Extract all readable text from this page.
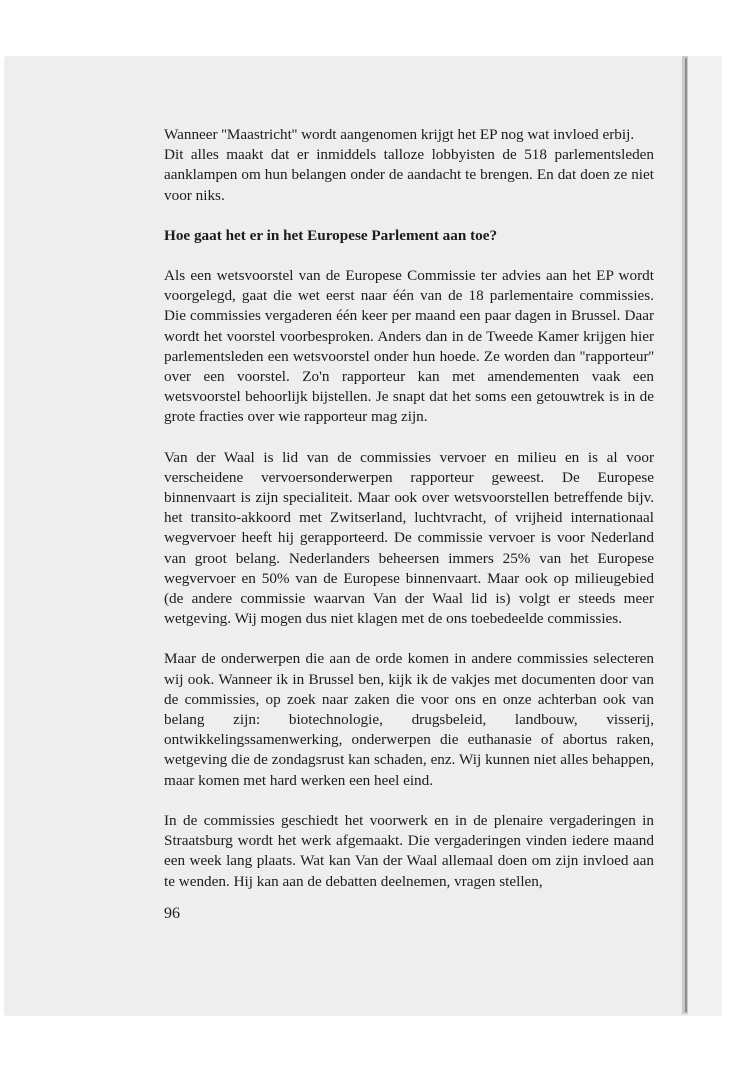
Wanneer ''Maastricht'' wordt aangenomen krijgt het EP nog wat invloed erbij.

Dit alles maakt dat er inmiddels talloze lobbyisten de 518 parlementsleden aanklampen om hun belangen onder de aandacht te brengen. En dat doen ze niet voor niks.

Hoe gaat het er in het Europese Parlement aan toe?

Als een wetsvoorstel van de Europese Commissie ter advies aan het EP wordt voorgelegd, gaat die wet eerst naar één van de 18 parlementaire commissies. Die commissies vergaderen één keer per maand een paar dagen in Brussel. Daar wordt het voorstel voorbesproken. Anders dan in de Tweede Kamer krijgen hier parlementsleden een wetsvoorstel onder hun hoede. Ze worden dan ''rapporteur'' over een voorstel. Zo'n rapporteur kan met amendementen vaak een wetsvoorstel behoorlijk bijstellen. Je snapt dat het soms een getouwtrek is in de grote fracties over wie rapporteur mag zijn.

Van der Waal is lid van de commissies vervoer en milieu en is al voor verscheidene vervoersonderwerpen rapporteur geweest. De Europese binnenvaart is zijn specialiteit. Maar ook over wetsvoorstellen betreffende bijv. het transito-akkoord met Zwitserland, luchtvracht, of vrijheid internationaal wegvervoer heeft hij gerapporteerd. De commissie vervoer is voor Nederland van groot belang. Nederlanders beheersen immers 25% van het Europese wegvervoer en 50% van de Europese binnenvaart. Maar ook op milieugebied (de andere commissie waarvan Van der Waal lid is) volgt er steeds meer wetgeving. Wij mogen dus niet klagen met de ons toebedeelde commissies.

Maar de onderwerpen die aan de orde komen in andere commissies selecteren wij ook. Wanneer ik in Brussel ben, kijk ik de vakjes met documenten door van de commissies, op zoek naar zaken die voor ons en onze achterban ook van belang zijn: biotechnologie, drugsbeleid, landbouw, visserij, ontwikkelingssamenwerking, onderwerpen die euthanasie of abortus raken, wetgeving die de zondagsrust kan schaden, enz. Wij kunnen niet alles behappen, maar komen met hard werken een heel eind.

In de commissies geschiedt het voorwerk en in de plenaire vergaderingen in Straatsburg wordt het werk afgemaakt. Die vergaderingen vinden iedere maand een week lang plaats. Wat kan Van der Waal allemaal doen om zijn invloed aan te wenden. Hij kan aan de debatten deelnemen, vragen stellen,

96
